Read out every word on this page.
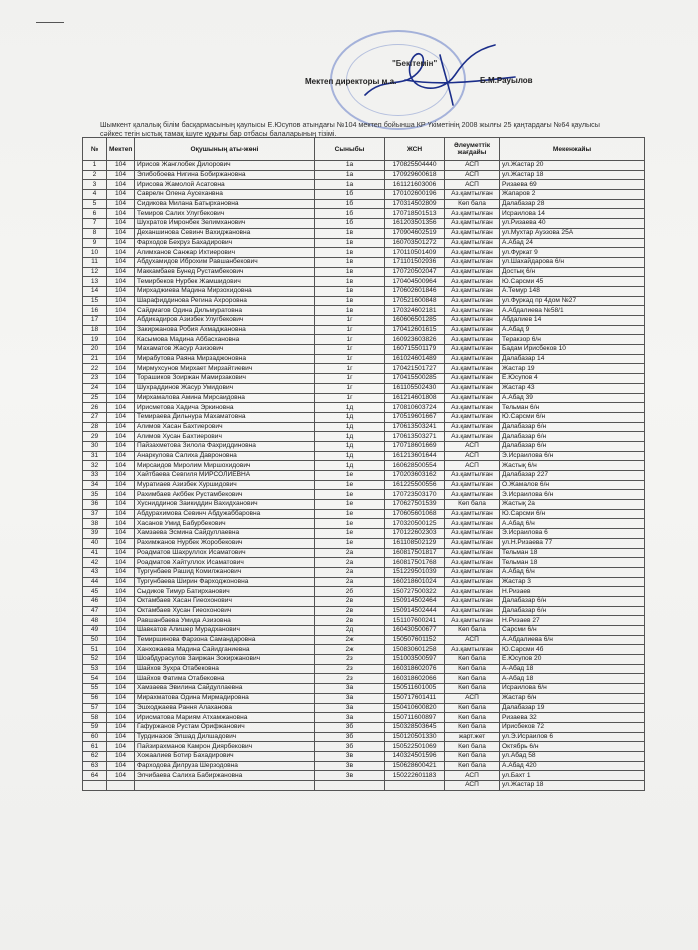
"Бекітемін"
Мектеп директоры м.а.	Б.М.Рауылов
Шымкент қалалық білім басқармасының қаулысы Е.Юсупов атындағы №104 мектеп бойынша КР Үкіметінің 2008 жылғы 25 қаңтардағы №64 қаулысы сәйкес тегін ыстық тамақ ішуге құқығы бар отбасы балаларының тізімі.
№	Мектеп	Оқушының аты-жөні	Сыныбы	ЖСН	Әлеуметтік жағдайы	Мекенжайы
1	104	Ирисов Жанглобек Дилорович	1а	170825504440	АСП	ул.Жастар 20
2	104	Элибобоева Нигина Бобиржановна	1а	170929600618	АСП	ул.Жастар 18
3	104	Ирисова Жамолой Асатовна	1а	161121603006	АСП	Ризаева 69
4	104	Саврелн Олена Аусеханвна	1б	170102600196	Аз.қамтылған	Жапаров 2
5	104	Сидикова Милана Батырхановна	1б	170314502809	Көп бала	Далабазар 28
6	104	Темиров Салих Улугбекович	1б	170718501513	Аз.қамтылған	Исраилова 14
7	104	Шухратов Имронбек Зелимханович	1б	161203501356	Аз.қамтылған	ул.Ризаева 40
8	104	Деханшинова Севинч Вахиджановна	1в	170904602519	Аз.қамтылған	ул.Мухтар Ауэзова 25А
9	104	Фарходов Бехруз Бахадирович	1в	160703501272	Аз.қамтылған	А.Абад 24
10	104	Алимханов Санжар Ихтиерович	1в	170110501409	Аз.қамтылған	ул.Фуркат 9
11	104	Абдухамидов Иброхим Равшанбекович	1в	171101502936	Аз.қамтылған	ул.Шахайдарова 6/н
12	104	Маккамбаев Бунед Рустамбекович	1в	170720502047	Аз.қамтылған	Достық 6/н
13	104	Темирбеков Нурбек Жамшидович	1в	170404500964	Аз.қамтылған	Ю.Сарсми 45
14	104	Мирхаджиева Мадина Мирзохидовна	1в	170602601846	Аз.қамтылған	А.Темур 148
15	104	Шарафиддинова Регина Ахроровна	1в	170521600848	Аз.қамтылған	ул.Фуркад пр 4дом №27
16	104	Сайдмагов Одина Дильмуратовна	1в	170324602181	Аз.қамтылған	А.Абдалиева №58/1
17	104	Абдикадиров Азизбек Улугбекович	1г	160606501285	Аз.қамтылған	Абдалиев 14
18	104	Закиржанова Робия Ахмаджановна	1г	170412601615	Аз.қамтылған	А.Абад 9
19	104	Касымова Мадина Аббасхановна	1г	160923603826	Аз.қамтылған	Теракзор 6/н
20	104	Махаматов Жасур Азизович	1г	160715501179	Аз.қамтылған	Бадам Ирисбеков 10
21	104	Мирабутова Раяна Мирзаджоновна	1г	161024601489	Аз.қамтылған	Далабазар 14
22	104	Мирмухсунов Мирхает Мирзайтиевич	1г	170421501727	Аз.қамтылған	Жастар 19
23	104	Торашиков Зоиржан Мамирзакович	1г	170415500285	Аз.қамтылған	Е.Юсупов 4
24	104	Шухраддинов Жасур Умидович	1г	161105502430	Аз.қамтылған	Жастар 43
25	104	Мирхамалова Амина Мирсаидовна	1г	161214601808	Аз.қамтылған	А.Абад 39
26	104	Ирисметова Хадича Эркиновна	1д	170810603724	Аз.қамтылған	Тельман 6/н
27	104	Темираева Дильнура Махаматовна	1д	170519601667	Аз.қамтылған	Ю.Сарсми 6/н
28	104	Алимов Хасан Бахтиерович	1д	170613503241	Аз.қамтылған	Далабазар 6/н
29	104	Алимов Хусан Бахтиерович	1д	170613503271	Аз.қамтылған	Далабазар 6/н
30	104	Пайзахметова Зилола Фахриддиновна	1д	170718601669	АСП	Далабазар 6/н
31	104	Анаркулова Салиха Давроновна	1д	161213601644	АСП	Э.Исраилова 6/н
32	104	Мирсаидов Миролим Миршохидович	1д	160628500554	АСП	Жастық 6/н
33	104	Хайтбаева Севгиля МИРСОЛИЕВНА	1е	170203603162	Аз.қамтылған	Далабазар 227
34	104	Муратиаев Азизбек Хуршидович	1е	161225500556	Аз.қамтылған	О.Жамалов 6/н
35	104	Рахимбаев Акббек Рустамбекович	1е	170723503170	Аз.қамтылған	Э.Исраилова 6/н
36	104	Хусниддинов Заикиддин Вахидханович	1е	170627501539	Көп бала	Жастық 2а
37	104	Абдурахимова Севинч Абдужаббаровна	1е	170605601068	Аз.қамтылған	Ю.Сарсми 6/н
38	104	Хасанов Умид Бабурбекович	1е	170320500125	Аз.қамтылған	А.Абад 6/н
39	104	Хамзаева Эсмина Сайдуллаевна	1е	170122602303	Аз.қамтылған	Э.Исраилова 6
40	104	Рахимжанов Нурбек Жоробекович	1е	161108502129	Аз.қамтылған	ул.Н.Ризаева 77
41	104	Роадматов Шахруллох Исаматович	2а	160817501817	Аз.қамтылған	Тельман 18
42	104	Роадматов Хайтуллох Исаматович	2а	160817501768	Аз.қамтылған	Тельман 18
43	104	Тургунбаев Рашид Комилжанович	2а	151229501039	Аз.қамтылған	А.Абад 6/н
44	104	Тургунбаева Ширин Фарходжоновна	2а	160218601024	Аз.қамтылған	Жастар 3
45	104	Сыдиков Тимур Батирханович	2б	150727500322	Аз.қамтылған	Н.Ризаев
46	104	Октамбаев Хасан Гиеохонович	2в	150914502464	Аз.қамтылған	Далабазар 6/н
47	104	Октамбаев Хусан Гиеохонович	2в	150914502444	Аз.қамтылған	Далабазар 6/н
48	104	Равшанбаева Умида Азизовна	2в	151107600241	Аз.қамтылған	Н.Ризаев 27
49	104	Шавкатов Алишер Мурадханович	2д	160430500677	Көп бала	Сарсми 6/н
50	104	Темиршинова Фарзона Самандаровна	2ж	150507601152	АСП	А.Абдалиева 6/н
51	104	Ханхожаева Мадина Сайидганиевна	2ж	150830601258	Аз.қамтылған	Ю.Сарсми 4б
52	104	Шоабдурасулов Заиржан Зокиржанович	2з	151003500597	Көп бала	Е.Юсупов 20
53	104	Шайхов Зухра Отабековна	2з	160318602076	Көп бала	А-Абад 18
54	104	Шайхов Фатима Отабековна	2з	160318602066	Көп бала	А-Абад 18
55	104	Хамзаева Эвилина Сайдуллаевна	3а	150511601005	Көп бала	Исраилова 6/н
56	104	Мирахматова Одина Мирмадировна	3а	150717601411	АСП	Жастар 6/н
57	104	Эшходжаева Рання Алаханова	3а	150410600820	Көп бала	Далабазар 19
58	104	Ирисматова Мариям Атхамжановна	3а	150711600897	Көп бала	Ризаева 32
59	104	Гафуржанов Рустам Орифжанович	3б	150328503645	Көп бала	Ирисбеков 72
60	104	Турдиназов Элшад Дилшадович	3б	150120501330	жарт.жет	ул.Э.Исраилов 6
61	104	Пайзирахманов Камрон Диярбекович	3б	150522501069	Көп бала	Октябрь 6/н
62	104	Хожаалиев Ботир Бахадирович	3в	140324501596	Көп бала	ул.Абад 58
63	104	Фарходова Дилруза Шерзодовна	3в	150628600421	Көп бала	А.Абад 420
64	104	Элчибаева Салиха Бабиржановна	3в	150222601183	АСП	ул.Бахт 1
					АСП	ул.Жастар 18
